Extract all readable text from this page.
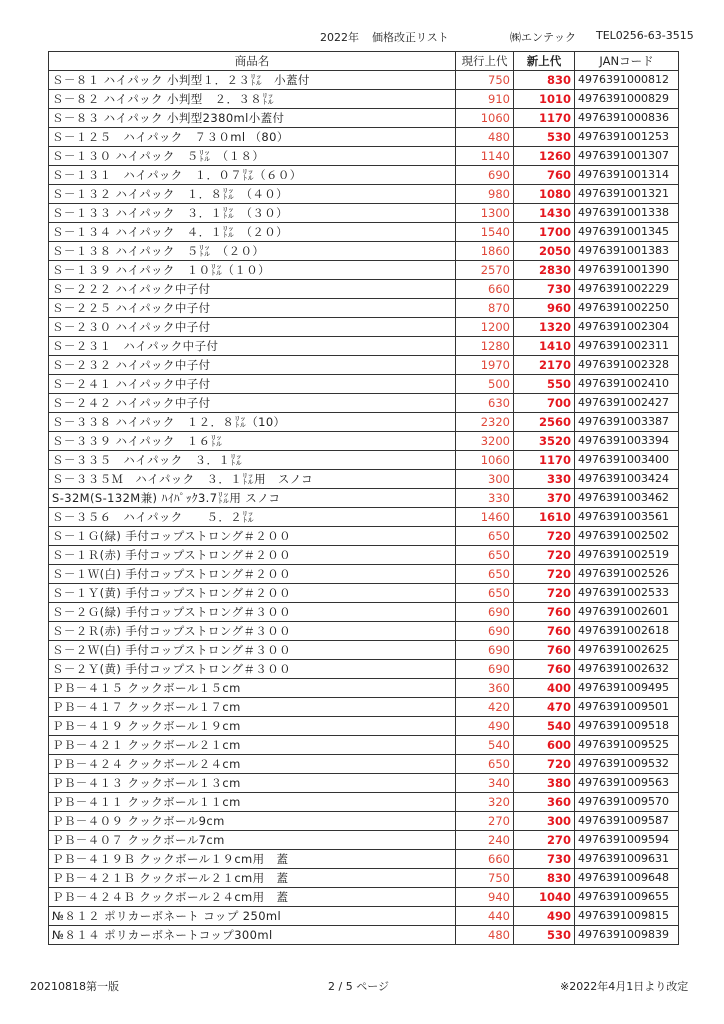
2022年 価格改正リスト	㈱エンテック TEL0256-63-3515
商品名	現行上代	新上代	JANコード
Ｓ－８１ ハイパック 小判型１．２３㍑　小蓋付	750	830	4976391000812
Ｓ－８２ ハイパック 小判型　２．３８㍑	910	1010	4976391000829
Ｓ－８３ ハイパック 小判型2380ml小蓋付	1060	1170	4976391000836
Ｓ－１２５　ハイパック　７３０ml （80）	480	530	4976391001253
Ｓ－１３０ ハイパック　５㍑　（１８）	1140	1260	4976391001307
Ｓ－１３１　ハイパック　１．０７㍑（６０）	690	760	4976391001314
Ｓ－１３２ ハイパック　１．８㍑　（４０）	980	1080	4976391001321
Ｓ－１３３ ハイパック　３．１㍑　（３０）	1300	1430	4976391001338
Ｓ－１３４ ハイパック　４．１㍑　（２０）	1540	1700	4976391001345
Ｓ－１３８ ハイパック　５㍑　（２０）	1860	2050	4976391001383
Ｓ－１３９ ハイパック　１０㍑（１０）	2570	2830	4976391001390
Ｓ－２２２ ハイパック中子付	660	730	4976391002229
Ｓ－２２５ ハイパック中子付	870	960	4976391002250
Ｓ－２３０ ハイパック中子付	1200	1320	4976391002304
Ｓ－２３１　ハイパック中子付	1280	1410	4976391002311
Ｓ－２３２ ハイパック中子付	1970	2170	4976391002328
Ｓ－２４１ ハイパック中子付	500	550	4976391002410
Ｓ－２４２ ハイパック中子付	630	700	4976391002427
Ｓ－３３８ ハイパック　１２．８㍑（10）	2320	2560	4976391003387
Ｓ－３３９ ハイパック　１６㍑	3200	3520	4976391003394
Ｓ－３３５　ハイパック　３．１㍑	1060	1170	4976391003400
Ｓ－３３５Ｍ　ハイパック　３．１㍑用　スノコ	300	330	4976391003424
S-32M(S-132M兼) ﾊｲﾊﾟｯｸ3.7㍑用 スノコ	330	370	4976391003462
Ｓ－３５６　ハイパック　　５．２㍑	1460	1610	4976391003561
Ｓ－１Ｇ(緑) 手付コップストロング＃２００	650	720	4976391002502
Ｓ－１Ｒ(赤) 手付コップストロング＃２００	650	720	4976391002519
Ｓ－１Ｗ(白) 手付コップストロング＃２００	650	720	4976391002526
Ｓ－１Ｙ(黄) 手付コップストロング＃２００	650	720	4976391002533
Ｓ－２Ｇ(緑) 手付コップストロング＃３００	690	760	4976391002601
Ｓ－２Ｒ(赤) 手付コップストロング＃３００	690	760	4976391002618
Ｓ－２Ｗ(白) 手付コップストロング＃３００	690	760	4976391002625
Ｓ－２Ｙ(黄) 手付コップストロング＃３００	690	760	4976391002632
ＰＢ－４１５ クックボール１５cm	360	400	4976391009495
ＰＢ－４１７ クックボール１７cm	420	470	4976391009501
ＰＢ－４１９ クックボール１９cm	490	540	4976391009518
ＰＢ－４２１ クックボール２１cm	540	600	4976391009525
ＰＢ－４２４ クックボール２４cm	650	720	4976391009532
ＰＢ－４１３ クックボール１３cm	340	380	4976391009563
ＰＢ－４１１ クックボール１１cm	320	360	4976391009570
ＰＢ－４０９ クックボール9cm	270	300	4976391009587
ＰＢ－４０７ クックボール7cm	240	270	4976391009594
ＰＢ－４１９Ｂ クックボール１９cm用　蓋	660	730	4976391009631
ＰＢ－４２１Ｂ クックボール２１cm用　蓋	750	830	4976391009648
ＰＢ－４２４Ｂ クックボール２４cm用　蓋	940	1040	4976391009655
№８１２ ポリカーボネート コップ 250ml	440	490	4976391009815
№８１４ ポリカーボネートコップ300ml	480	530	4976391009839
20210818第一版	2 / 5 ページ	※2022年4月1日より改定
